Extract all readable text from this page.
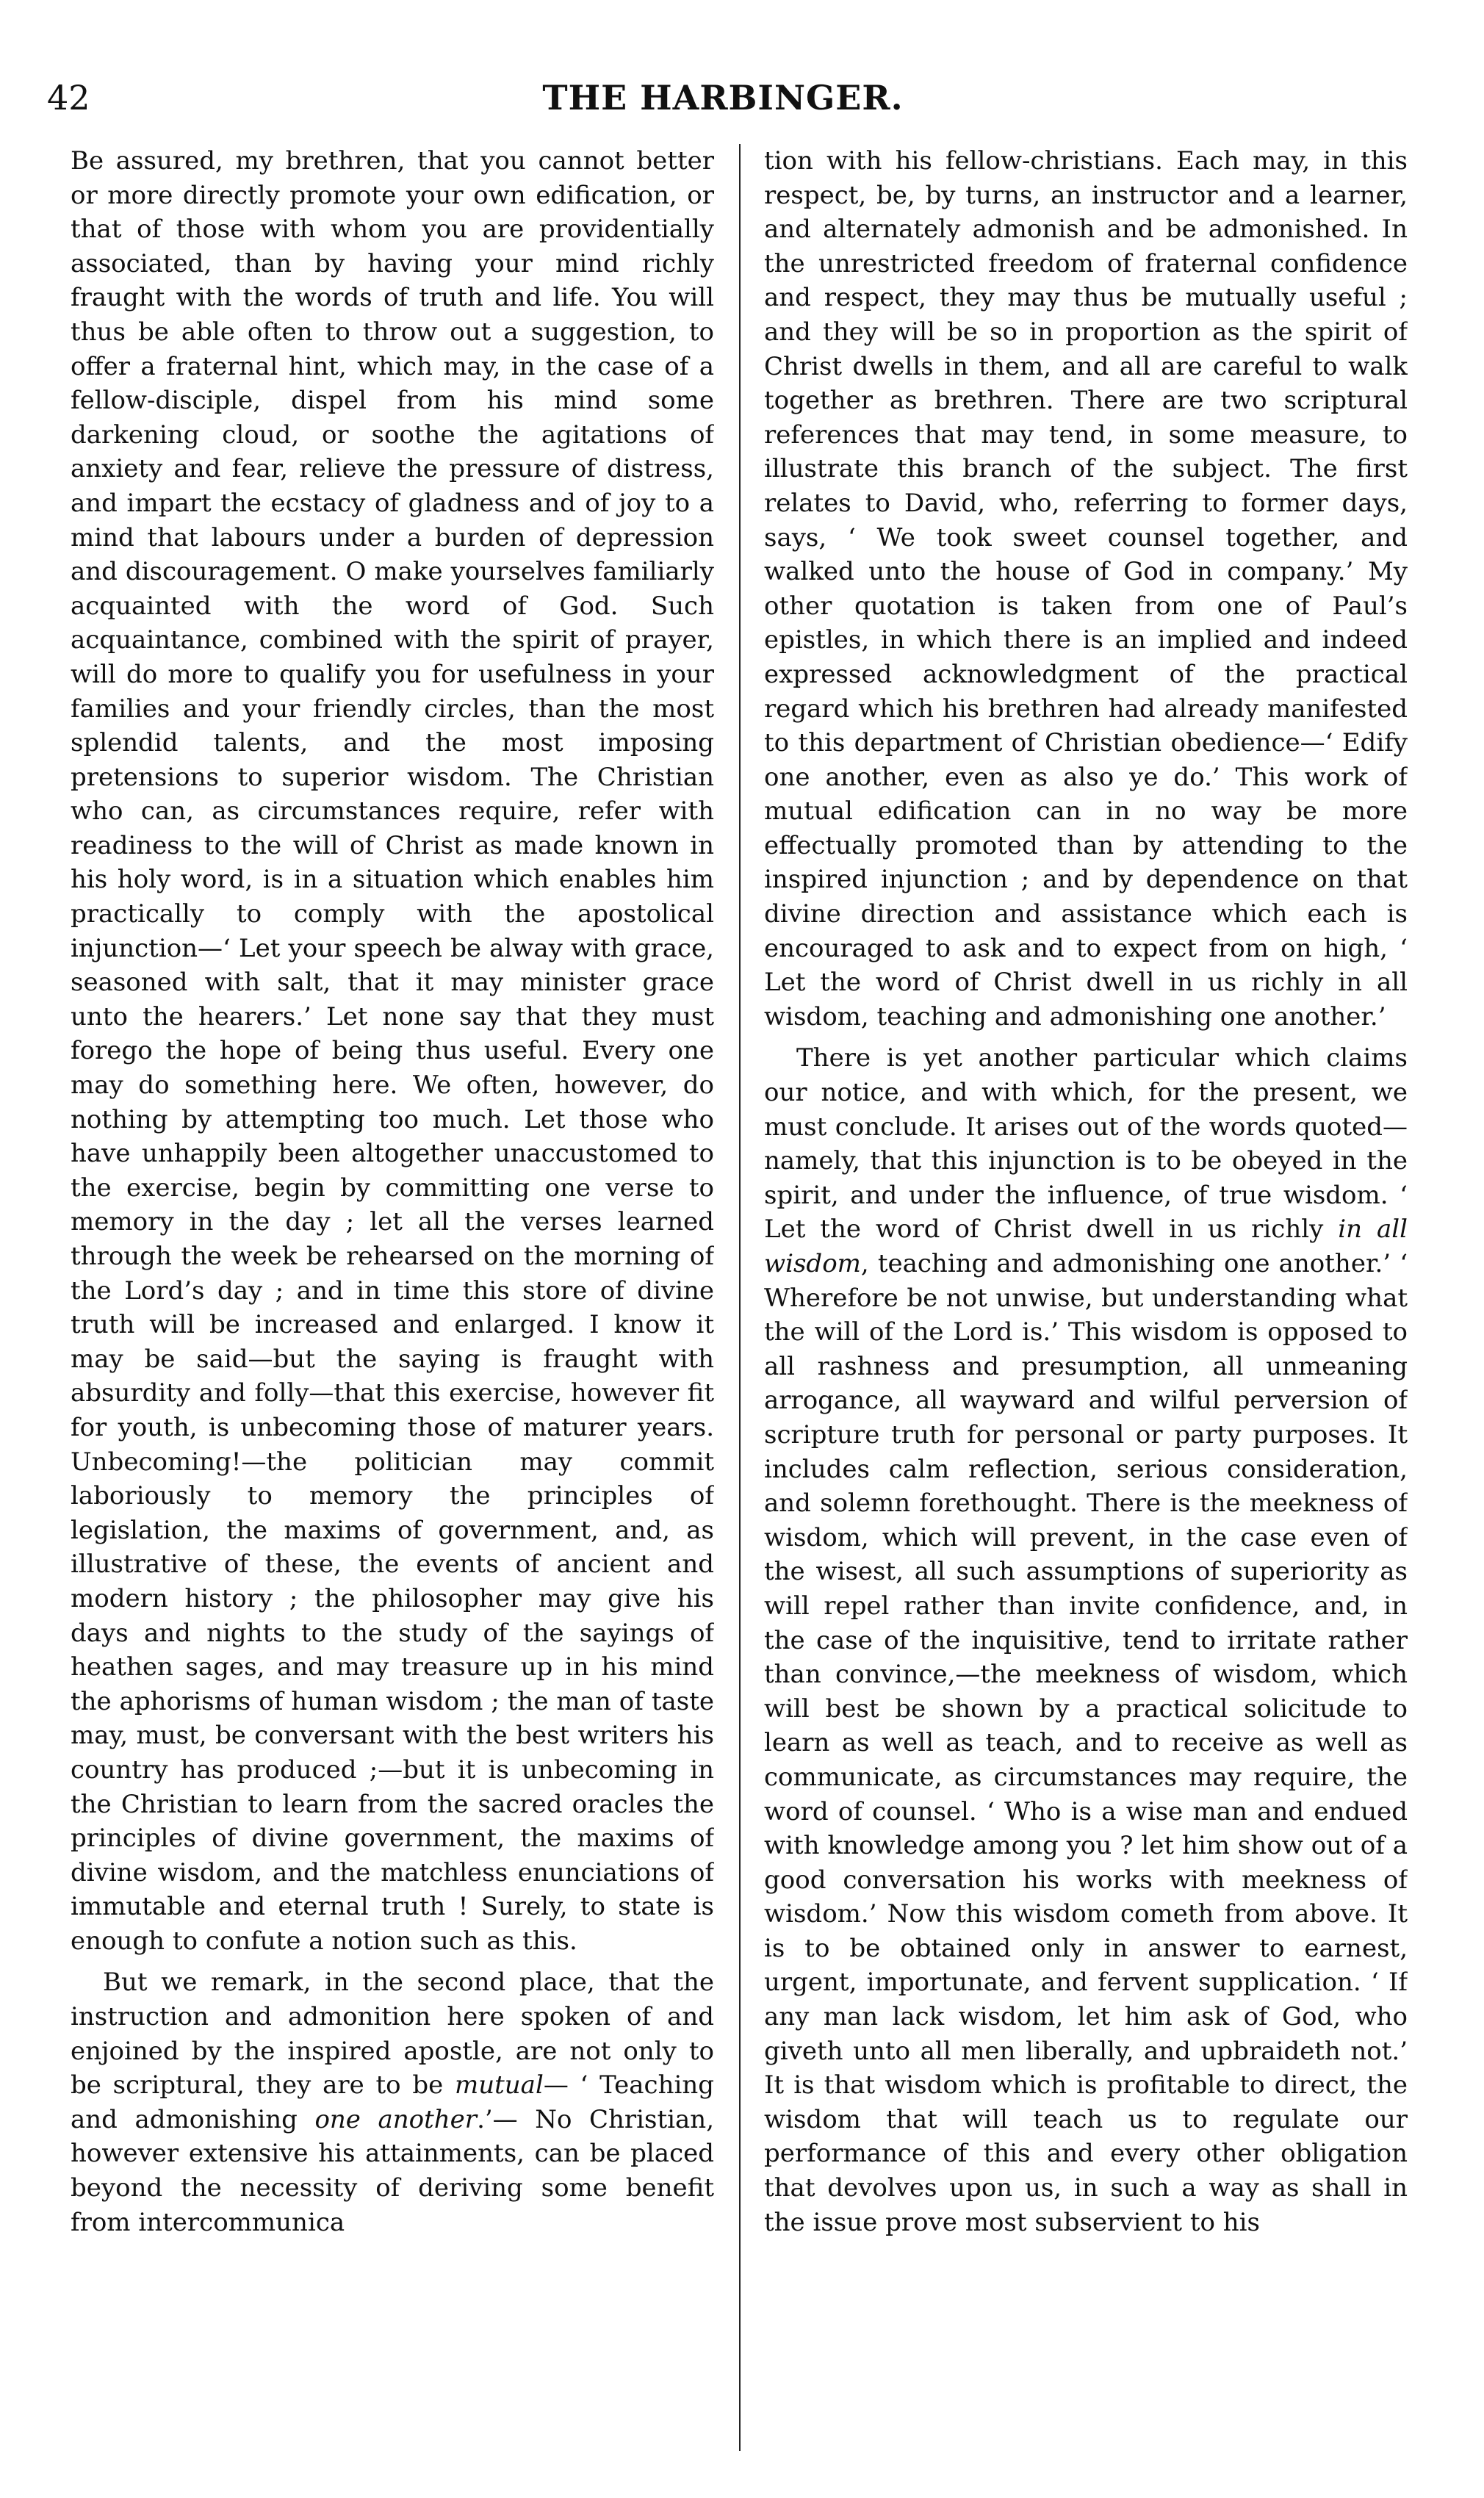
42	THE HARBINGER.

Be assured, my brethren, that you cannot better or more directly promote your own edification, or that of those with whom you are providentially associated, than by having your mind richly fraught with the words of truth and life. You will thus be able often to throw out a suggestion, to offer a fraternal hint, which may, in the case of a fellow-disciple, dispel from his mind some darkening cloud, or soothe the agitations of anxiety and fear, relieve the pressure of distress, and impart the ecstacy of gladness and of joy to a mind that labours under a burden of depression and discouragement. O make yourselves familiarly acquainted with the word of God. Such acquaintance, combined with the spirit of prayer, will do more to qualify you for usefulness in your families and your friendly circles, than the most splendid talents, and the most imposing pretensions to superior wisdom. The Christian who can, as circumstances require, refer with readiness to the will of Christ as made known in his holy word, is in a situation which enables him practically to comply with the apostolical injunction—‘ Let your speech be alway with grace, seasoned with salt, that it may minister grace unto the hearers.’ Let none say that they must forego the hope of being thus useful. Every one may do something here. We often, however, do nothing by attempting too much. Let those who have unhappily been altogether unaccustomed to the exercise, begin by committing one verse to memory in the day ; let all the verses learned through the week be rehearsed on the morning of the Lord’s day ; and in time this store of divine truth will be increased and enlarged. I know it may be said—but the saying is fraught with absurdity and folly—that this exercise, however fit for youth, is unbecoming those of maturer years. Unbecoming!—the politician may commit laboriously to memory the principles of legislation, the maxims of government, and, as illustrative of these, the events of ancient and modern history ; the philosopher may give his days and nights to the study of the sayings of heathen sages, and may treasure up in his mind the aphorisms of human wisdom ; the man of taste may, must, be conversant with the best writers his country has produced ;—but it is unbecoming in the Christian to learn from the sacred oracles the principles of divine government, the maxims of divine wisdom, and the matchless enunciations of immutable and eternal truth ! Surely, to state is enough to confute a notion such as this.

But we remark, in the second place, that the instruction and admonition here spoken of and enjoined by the inspired apostle, are not only to be scriptural, they are to be mutual— ‘ Teaching and admonishing one another.’— No Christian, however extensive his attainments, can be placed beyond the necessity of deriving some benefit from intercommunica

tion with his fellow-christians. Each may, in this respect, be, by turns, an instructor and a learner, and alternately admonish and be admonished. In the unrestricted freedom of fraternal confidence and respect, they may thus be mutually useful ; and they will be so in proportion as the spirit of Christ dwells in them, and all are careful to walk together as brethren. There are two scriptural references that may tend, in some measure, to illustrate this branch of the subject. The first relates to David, who, referring to former days, says, ‘ We took sweet counsel together, and walked unto the house of God in company.’ My other quotation is taken from one of Paul’s epistles, in which there is an implied and indeed expressed acknowledgment of the practical regard which his brethren had already manifested to this department of Christian obedience—‘ Edify one another, even as also ye do.’ This work of mutual edification can in no way be more effectually promoted than by attending to the inspired injunction ; and by dependence on that divine direction and assistance which each is encouraged to ask and to expect from on high, ‘ Let the word of Christ dwell in us richly in all wisdom, teaching and admonishing one another.’

There is yet another particular which claims our notice, and with which, for the present, we must conclude. It arises out of the words quoted—namely, that this injunction is to be obeyed in the spirit, and under the influence, of true wisdom. ‘ Let the word of Christ dwell in us richly in all wisdom, teaching and admonishing one another.’ ‘ Wherefore be not unwise, but understanding what the will of the Lord is.’ This wisdom is opposed to all rashness and presumption, all unmeaning arrogance, all wayward and wilful perversion of scripture truth for personal or party purposes. It includes calm reflection, serious consideration, and solemn forethought. There is the meekness of wisdom, which will prevent, in the case even of the wisest, all such assumptions of superiority as will repel rather than invite confidence, and, in the case of the inquisitive, tend to irritate rather than convince,—the meekness of wisdom, which will best be shown by a practical solicitude to learn as well as teach, and to receive as well as communicate, as circumstances may require, the word of counsel. ‘ Who is a wise man and endued with knowledge among you ? let him show out of a good conversation his works with meekness of wisdom.’ Now this wisdom cometh from above. It is to be obtained only in answer to earnest, urgent, importunate, and fervent supplication. ‘ If any man lack wisdom, let him ask of God, who giveth unto all men liberally, and upbraideth not.’ It is that wisdom which is profitable to direct, the wisdom that will teach us to regulate our performance of this and every other obligation that devolves upon us, in such a way as shall in the issue prove most subservient to his
